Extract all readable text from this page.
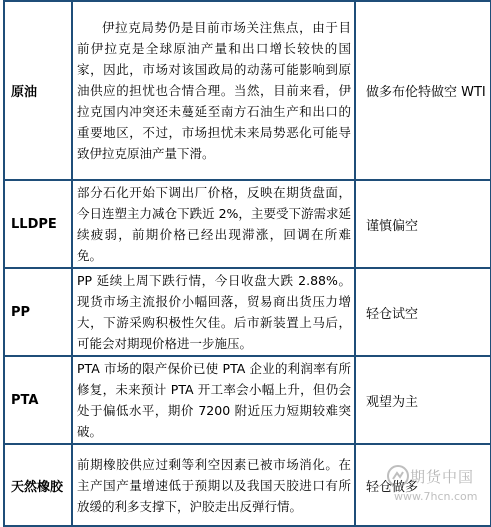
原油	伊拉克局势仍是目前市场关注焦点，由于目前伊拉克是全球原油产量和出口增长较快的国家，因此，市场对该国政局的动荡可能影响到原油供应的担忧也合情合理。当然，目前来看，伊拉克国内冲突还未蔓延至南方石油生产和出口的重要地区，不过，市场担忧未来局势恶化可能导致伊拉克原油产量下滑。	做多布伦特做空 WTI
LLDPE	部分石化开始下调出厂价格，反映在期货盘面，今日连塑主力减仓下跌近 2%，主要受下游需求延续疲弱，前期价格已经出现滞涨，回调在所难免。	谨慎偏空
PP	PP 延续上周下跌行情，今日收盘大跌 2.88%。现货市场主流报价小幅回落，贸易商出货压力增大，下游采购积极性欠佳。后市新装置上马后，可能会对期现价格进一步施压。	轻仓试空
PTA	PTA 市场的限产保价已使 PTA 企业的利润率有所修复，未来预计 PTA 开工率会小幅上升，但仍会处于偏低水平，期价 7200 附近压力短期较难突破。	观望为主
天然橡胶	前期橡胶供应过剩等利空因素已被市场消化。在主产国产量增速低于预期以及我国天胶进口有所放缓的利多支撑下，沪胶走出反弹行情。	轻仓做多
期货中国
www.7hcn.com
